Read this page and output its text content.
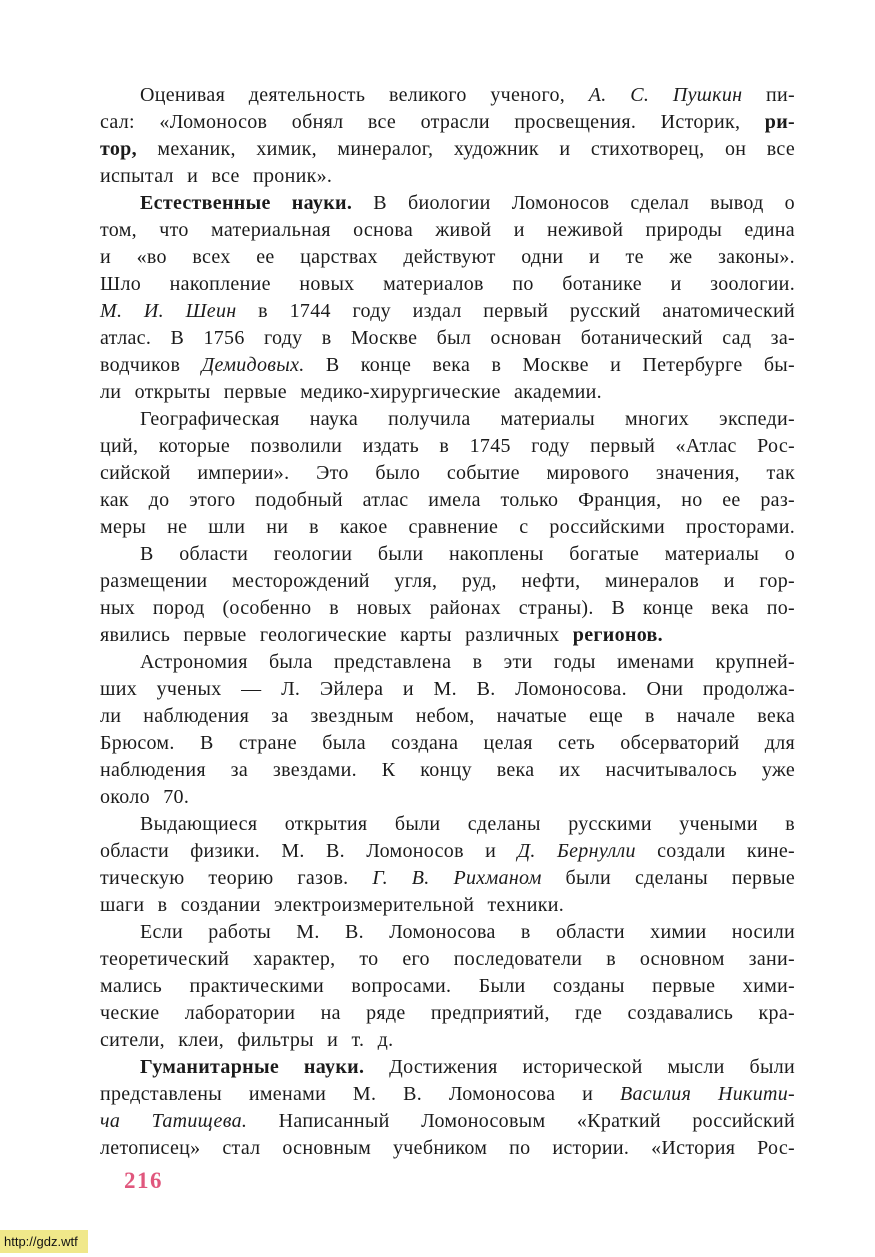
Оценивая деятельность великого ученого, А. С. Пушкин пи-
сал: «Ломоносов обнял все отрасли просвещения. Историк, ри-
тор, механик, химик, минералог, художник и стихотворец, он все
испытал и все проник».
Естественные науки. В биологии Ломоносов сделал вывод о
том, что материальная основа живой и неживой природы едина
и «во всех ее царствах действуют одни и те же законы».
Шло накопление новых материалов по ботанике и зоологии.
М. И. Шеин в 1744 году издал первый русский анатомический
атлас. В 1756 году в Москве был основан ботанический сад за-
водчиков Демидовых. В конце века в Москве и Петербурге бы-
ли открыты первые медико-хирургические академии.
Географическая наука получила материалы многих экспеди-
ций, которые позволили издать в 1745 году первый «Атлас Рос-
сийской империи». Это было событие мирового значения, так
как до этого подобный атлас имела только Франция, но ее раз-
меры не шли ни в какое сравнение с российскими просторами.
В области геологии были накоплены богатые материалы о
размещении месторождений угля, руд, нефти, минералов и гор-
ных пород (особенно в новых районах страны). В конце века по-
явились первые геологические карты различных регионов.
Астрономия была представлена в эти годы именами крупней-
ших ученых — Л. Эйлера и М. В. Ломоносова. Они продолжа-
ли наблюдения за звездным небом, начатые еще в начале века
Брюсом. В стране была создана целая сеть обсерваторий для
наблюдения за звездами. К концу века их насчитывалось уже
около 70.
Выдающиеся открытия были сделаны русскими учеными в
области физики. М. В. Ломоносов и Д. Бернулли создали кине-
тическую теорию газов. Г. В. Рихманом были сделаны первые
шаги в создании электроизмерительной техники.
Если работы М. В. Ломоносова в области химии носили
теоретический характер, то его последователи в основном зани-
мались практическими вопросами. Были созданы первые хими-
ческие лаборатории на ряде предприятий, где создавались кра-
сители, клеи, фильтры и т. д.
Гуманитарные науки. Достижения исторической мысли были
представлены именами М. В. Ломоносова и Василия Никити-
ча Татищева. Написанный Ломоносовым «Краткий российский
летописец» стал основным учебником по истории. «История Рос-
216
http://gdz.wtf
